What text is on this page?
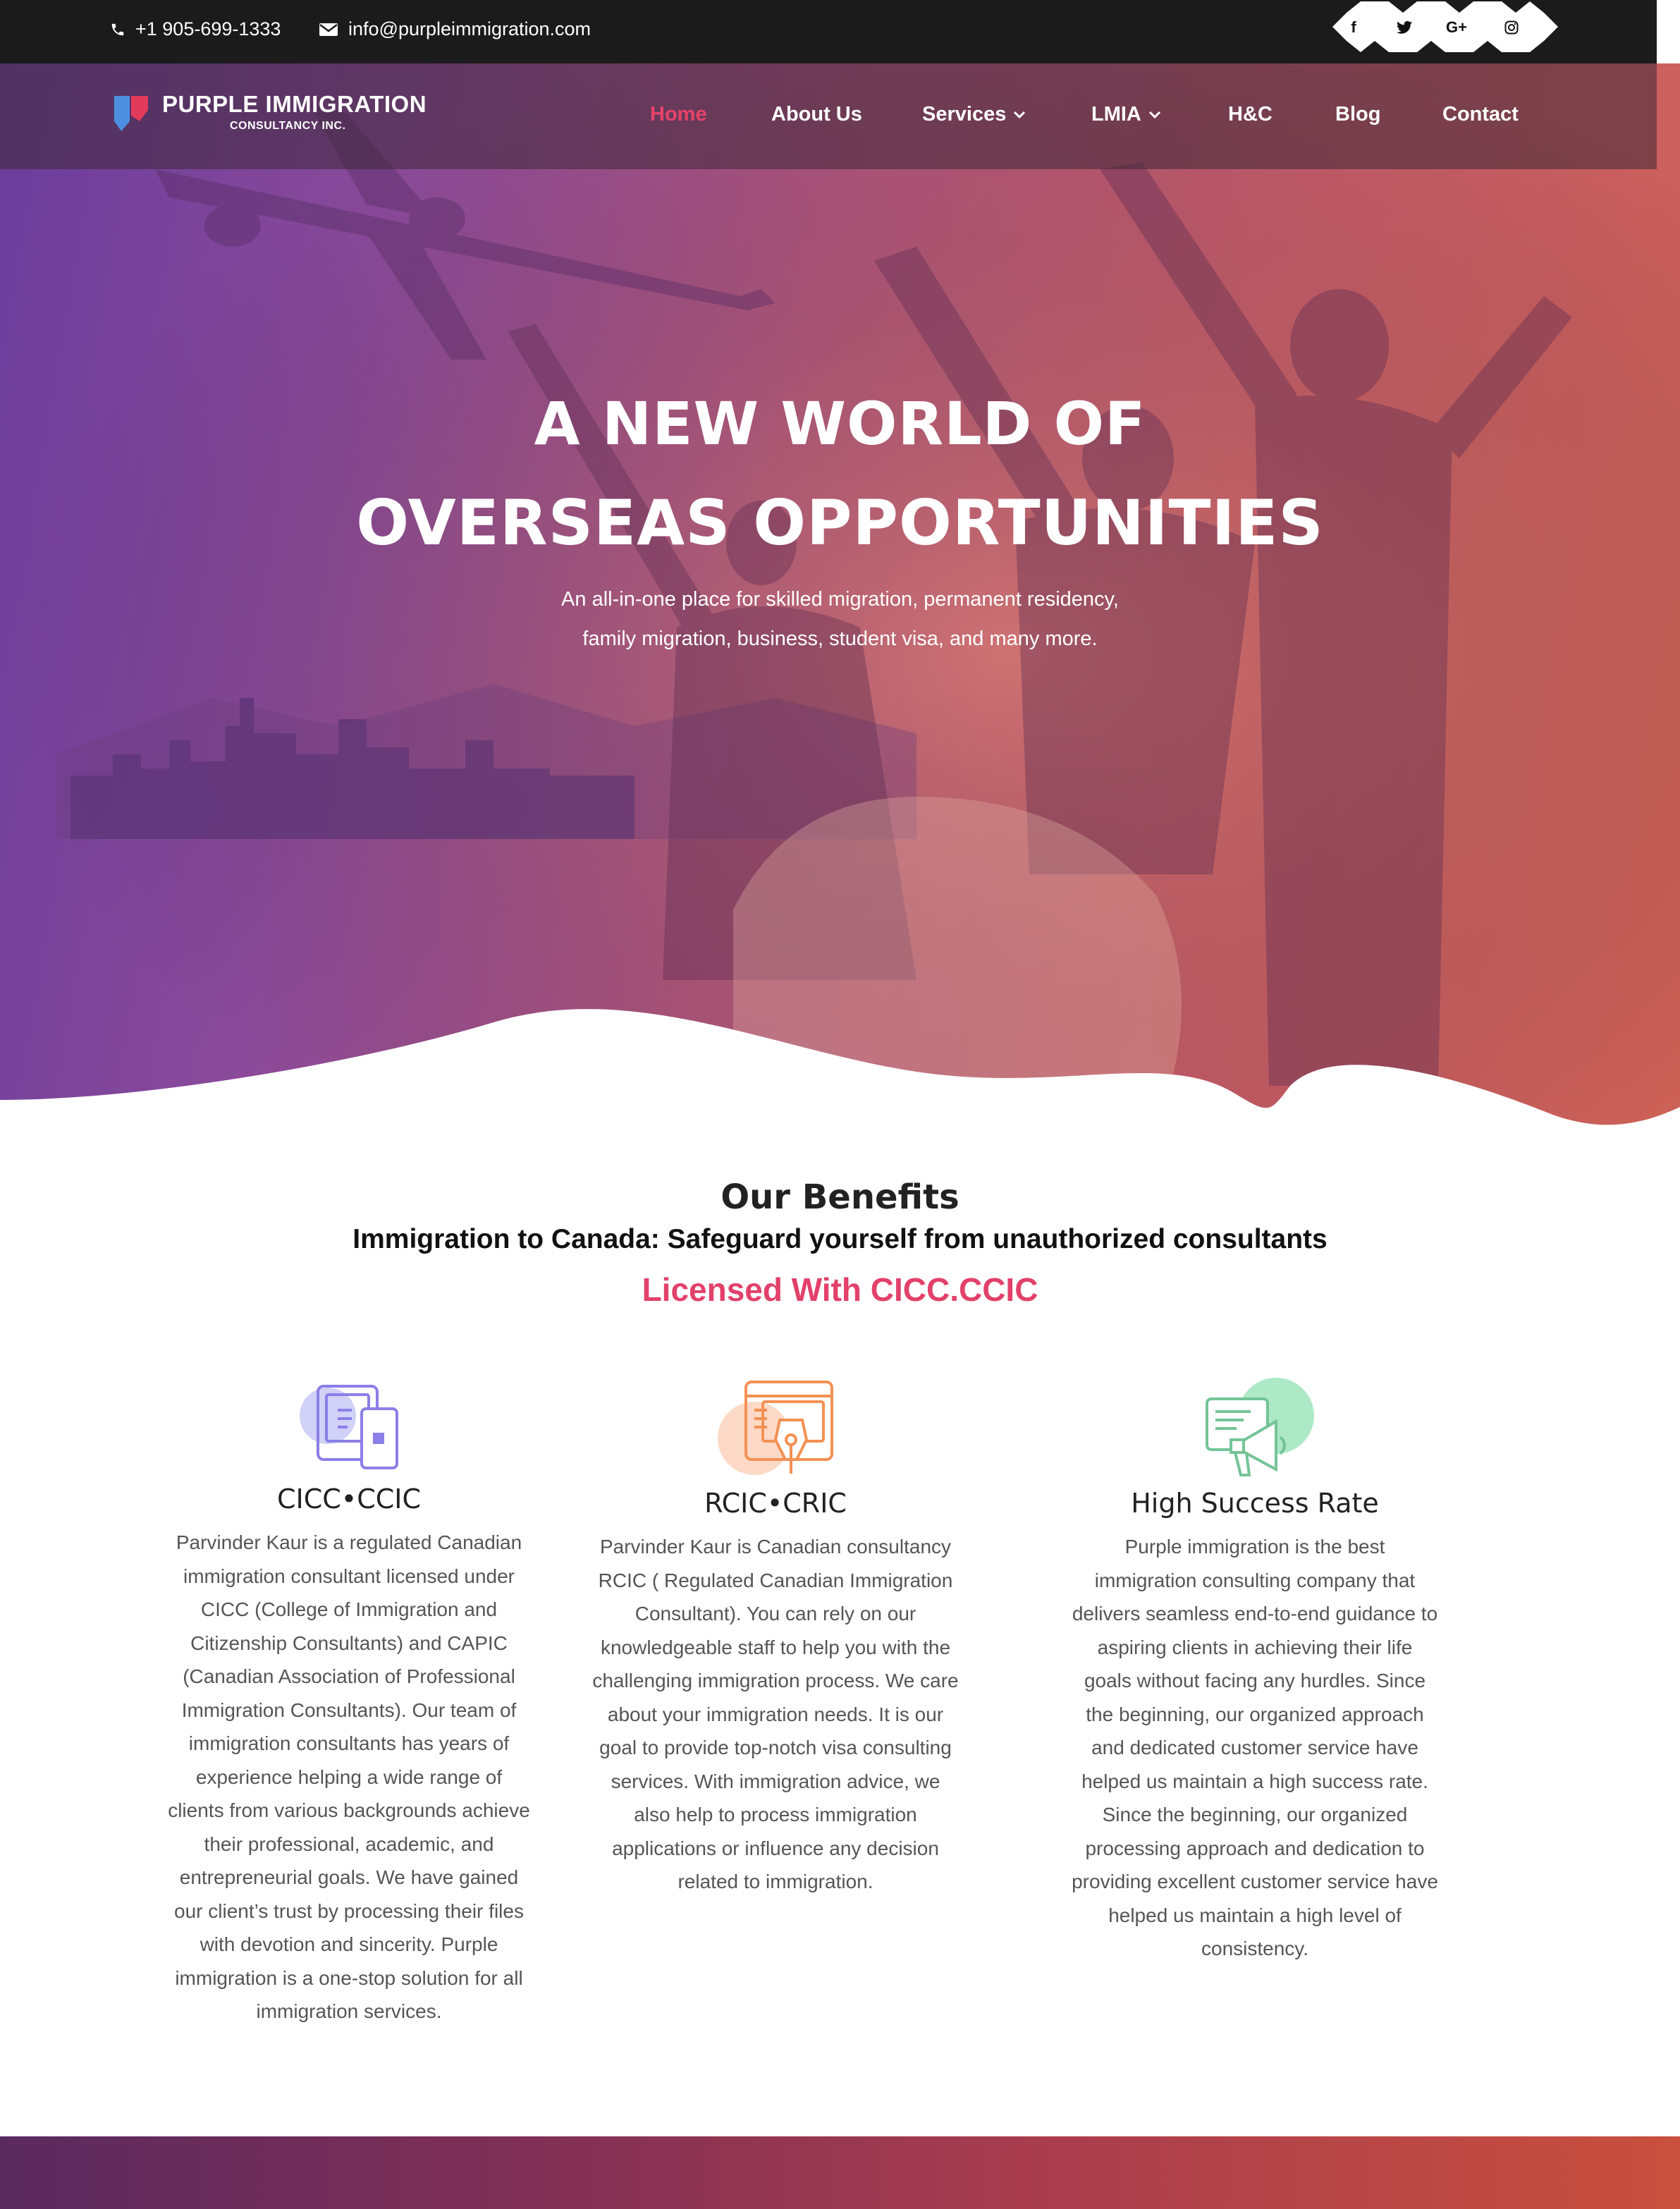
+1 905-699-1333	info@purpleimmigration.com	f	G+
PURPLE IMMIGRATION
CONSULTANCY INC.
Home	About Us	Services	LMIA	H&C	Blog	Contact
A NEW WORLD OF
OVERSEAS OPPORTUNITIES
An all-in-one place for skilled migration, permanent residency,
family migration, business, student visa, and many more.
Our Benefits
Immigration to Canada: Safeguard yourself from unauthorized consultants
Licensed With CICC.CCIC
CICC•CCIC

Parvinder Kaur is a regulated Canadian immigration consultant licensed under CICC (College of Immigration and Citizenship Consultants) and CAPIC (Canadian Association of Professional Immigration Consultants). Our team of immigration consultants has years of experience helping a wide range of clients from various backgrounds achieve their professional, academic, and entrepreneurial goals. We have gained our client’s trust by processing their files with devotion and sincerity. Purple immigration is a one-stop solution for all immigration services.

RCIC•CRIC

Parvinder Kaur is Canadian consultancy RCIC ( Regulated Canadian Immigration Consultant). You can rely on our knowledgeable staff to help you with the challenging immigration process. We care about your immigration needs. It is our goal to provide top-notch visa consulting services. With immigration advice, we also help to process immigration applications or influence any decision related to immigration.

High Success Rate

Purple immigration is the best immigration consulting company that delivers seamless end-to-end guidance to aspiring clients in achieving their life goals without facing any hurdles. Since the beginning, our organized approach and dedicated customer service have helped us maintain a high success rate. Since the beginning, our organized processing approach and dedication to providing excellent customer service have helped us maintain a high level of consistency.
